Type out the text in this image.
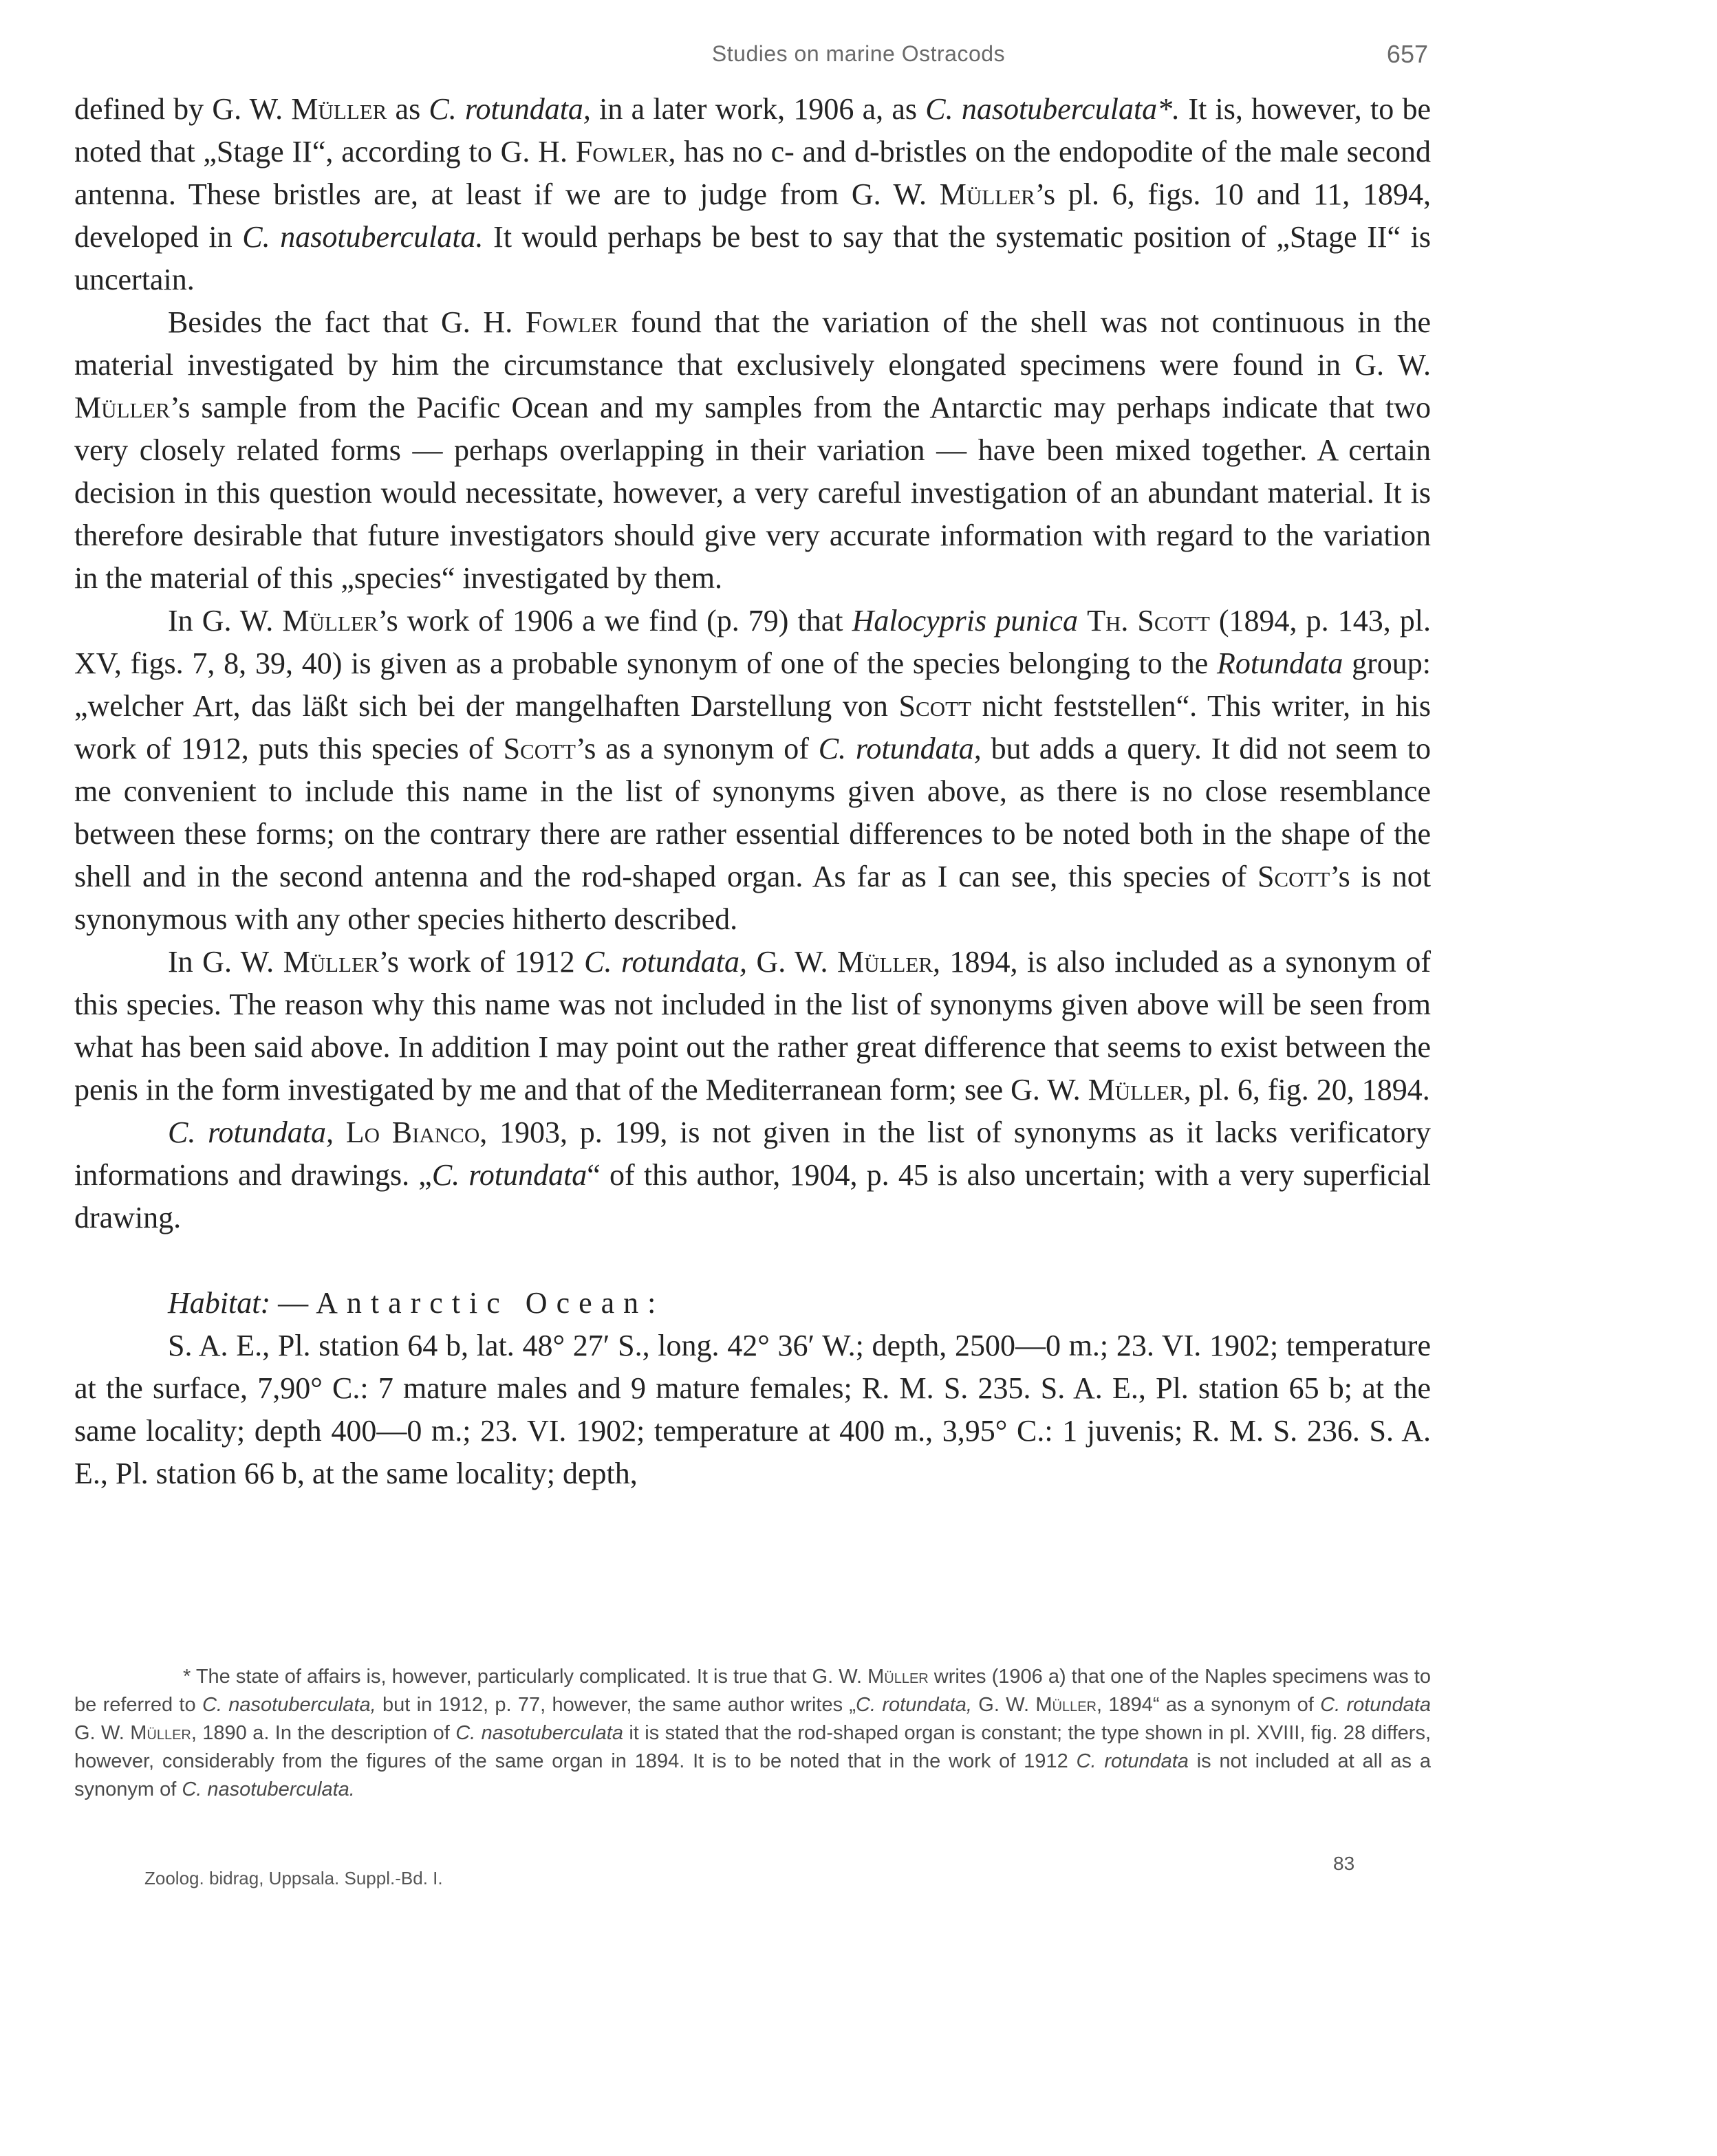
Studies on marine Ostracods	657

defined by G. W. Müller as C. rotundata, in a later work, 1906 a, as C. nasotuberculata*. It is, however, to be noted that „Stage II“, according to G. H. Fowler, has no c- and d-bristles on the endopodite of the male second antenna. These bristles are, at least if we are to judge from G. W. Müller’s pl. 6, figs. 10 and 11, 1894, developed in C. nasotuberculata. It would perhaps be best to say that the systematic position of „Stage II“ is uncertain.

Besides the fact that G. H. Fowler found that the variation of the shell was not continuous in the material investigated by him the circumstance that exclusively elongated specimens were found in G. W. Müller’s sample from the Pacific Ocean and my samples from the Antarctic may perhaps indicate that two very closely related forms — perhaps overlapping in their variation — have been mixed together. A certain decision in this question would necessitate, however, a very careful investigation of an abundant material. It is therefore desirable that future investigators should give very accurate information with regard to the variation in the material of this „species“ investigated by them.

In G. W. Müller’s work of 1906 a we find (p. 79) that Halocypris punica Th. Scott (1894, p. 143, pl. XV, figs. 7, 8, 39, 40) is given as a probable synonym of one of the species belonging to the Rotundata group: „welcher Art, das läßt sich bei der mangelhaften Darstellung von Scott nicht feststellen“. This writer, in his work of 1912, puts this species of Scott’s as a synonym of C. rotundata, but adds a query. It did not seem to me convenient to include this name in the list of synonyms given above, as there is no close resemblance between these forms; on the contrary there are rather essential differences to be noted both in the shape of the shell and in the second antenna and the rod-shaped organ. As far as I can see, this species of Scott’s is not synonymous with any other species hitherto described.

In G. W. Müller’s work of 1912 C. rotundata, G. W. Müller, 1894, is also included as a synonym of this species. The reason why this name was not included in the list of synonyms given above will be seen from what has been said above. In addition I may point out the rather great difference that seems to exist between the penis in the form investigated by me and that of the Mediterranean form; see G. W. Müller, pl. 6, fig. 20, 1894.

C. rotundata, Lo Bianco, 1903, p. 199, is not given in the list of synonyms as it lacks verificatory informations and drawings. „C. rotundata“ of this author, 1904, p. 45 is also uncertain; with a very superficial drawing.

Habitat: — Antarctic Ocean:

S. A. E., Pl. station 64 b, lat. 48° 27′ S., long. 42° 36′ W.; depth, 2500—0 m.; 23. VI. 1902; temperature at the surface, 7,90° C.: 7 mature males and 9 mature females; R. M. S. 235. S. A. E., Pl. station 65 b; at the same locality; depth 400—0 m.; 23. VI. 1902; temperature at 400 m., 3,95° C.: 1 juvenis; R. M. S. 236. S. A. E., Pl. station 66 b, at the same locality; depth,

* The state of affairs is, however, particularly complicated. It is true that G. W. Müller writes (1906 a) that one of the Naples specimens was to be referred to C. nasotuberculata, but in 1912, p. 77, however, the same author writes „C. rotundata, G. W. Müller, 1894“ as a synonym of C. rotundata G. W. Müller, 1890 a. In the description of C. nasotuberculata it is stated that the rod-shaped organ is constant; the type shown in pl. XVIII, fig. 28 differs, however, considerably from the figures of the same organ in 1894. It is to be noted that in the work of 1912 C. rotundata is not included at all as a synonym of C. nasotuberculata.

Zoolog. bidrag, Uppsala. Suppl.-Bd. I.
83
